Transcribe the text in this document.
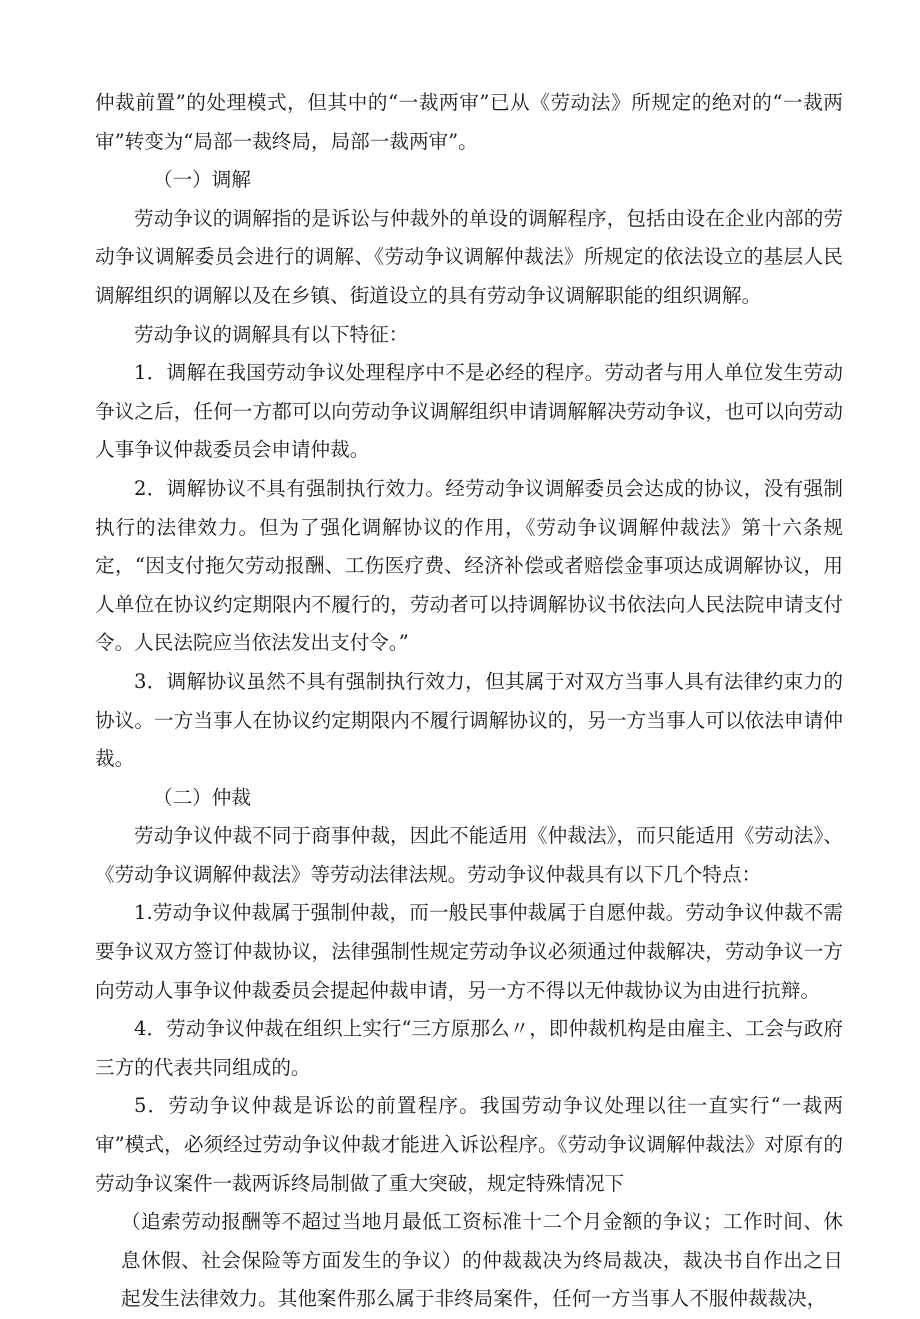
仲裁前置”的处理模式，但其中的“一裁两审”已从《劳动法》所规定的绝对的“一裁两审”转变为“局部一裁终局，局部一裁两审”。

（一）调解

劳动争议的调解指的是诉讼与仲裁外的单设的调解程序，包括由设在企业内部的劳动争议调解委员会进行的调解、《劳动争议调解仲裁法》所规定的依法设立的基层人民调解组织的调解以及在乡镇、街道设立的具有劳动争议调解职能的组织调解。

劳动争议的调解具有以下特征：

1．调解在我国劳动争议处理程序中不是必经的程序。劳动者与用人单位发生劳动争议之后，任何一方都可以向劳动争议调解组织申请调解解决劳动争议，也可以向劳动人事争议仲裁委员会申请仲裁。

2．调解协议不具有强制执行效力。经劳动争议调解委员会达成的协议，没有强制执行的法律效力。但为了强化调解协议的作用，《劳动争议调解仲裁法》第十六条规定，“因支付拖欠劳动报酬、工伤医疗费、经济补偿或者赔偿金事项达成调解协议，用人单位在协议约定期限内不履行的，劳动者可以持调解协议书依法向人民法院申请支付令。人民法院应当依法发出支付令。”

3．调解协议虽然不具有强制执行效力，但其属于对双方当事人具有法律约束力的协议。一方当事人在协议约定期限内不履行调解协议的，另一方当事人可以依法申请仲裁。

（二）仲裁

劳动争议仲裁不同于商事仲裁，因此不能适用《仲裁法》，而只能适用《劳动法》、《劳动争议调解仲裁法》等劳动法律法规。劳动争议仲裁具有以下几个特点：

1.劳动争议仲裁属于强制仲裁，而一般民事仲裁属于自愿仲裁。劳动争议仲裁不需要争议双方签订仲裁协议，法律强制性规定劳动争议必须通过仲裁解决，劳动争议一方向劳动人事争议仲裁委员会提起仲裁申请，另一方不得以无仲裁协议为由进行抗辩。

4．劳动争议仲裁在组织上实行“三方原那么〃，即仲裁机构是由雇主、工会与政府三方的代表共同组成的。

5．劳动争议仲裁是诉讼的前置程序。我国劳动争议处理以往一直实行“一裁两审”模式，必须经过劳动争议仲裁才能进入诉讼程序。《劳动争议调解仲裁法》对原有的劳动争议案件一裁两诉终局制做了重大突破，规定特殊情况下

（追索劳动报酬等不超过当地月最低工资标准十二个月金额的争议；工作时间、休息休假、社会保险等方面发生的争议）的仲裁裁决为终局裁决，裁决书自作出之日起发生法律效力。其他案件那么属于非终局案件，任何一方当事人不服仲裁裁决，
